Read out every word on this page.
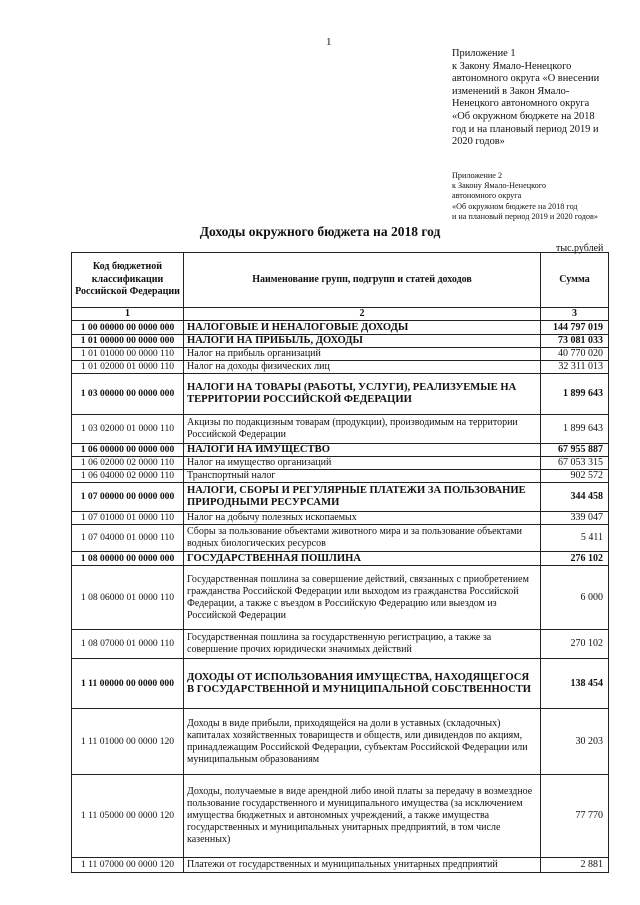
1
Приложение 1
к Закону Ямало-Ненецкого
автономного округа «О внесении
изменений в Закон Ямало-
Ненецкого автономного округа
«Об окружном бюджете на 2018
год и на плановый период 2019 и
2020 годов»
Приложение 2
к Закону Ямало-Ненецкого
автономного округа
«Об окружном бюджете на 2018 год
и на плановый период 2019 и 2020 годов»
Доходы окружного бюджета на 2018 год
тыс.рублей
Код бюджетной классификации Российской Федерации	Наименование групп, подгрупп и статей доходов	Сумма
1	2	3
1 00 00000 00 0000 000	НАЛОГОВЫЕ И НЕНАЛОГОВЫЕ ДОХОДЫ	144 797 019
1 01 00000 00 0000 000	НАЛОГИ НА ПРИБЫЛЬ, ДОХОДЫ	73 081 033
1 01 01000 00 0000 110	Налог на прибыль организаций	40 770 020
1 01 02000 01 0000 110	Налог на доходы физических лиц	32 311 013
1 03 00000 00 0000 000	НАЛОГИ НА ТОВАРЫ (РАБОТЫ, УСЛУГИ), РЕАЛИЗУЕМЫЕ НА ТЕРРИТОРИИ РОССИЙСКОЙ ФЕДЕРАЦИИ	1 899 643
1 03 02000 01 0000 110	Акцизы по подакцизным товарам (продукции), производимым на территории Российской Федерации	1 899 643
1 06 00000 00 0000 000	НАЛОГИ НА ИМУЩЕСТВО	67 955 887
1 06 02000 02 0000 110	Налог на имущество организаций	67 053 315
1 06 04000 02 0000 110	Транспортный налог	902 572
1 07 00000 00 0000 000	НАЛОГИ, СБОРЫ И РЕГУЛЯРНЫЕ ПЛАТЕЖИ ЗА ПОЛЬЗОВАНИЕ ПРИРОДНЫМИ РЕСУРСАМИ	344 458
1 07 01000 01 0000 110	Налог на добычу полезных ископаемых	339 047
1 07 04000 01 0000 110	Сборы за пользование объектами животного мира и за пользование объектами водных биологических ресурсов	5 411
1 08 00000 00 0000 000	ГОСУДАРСТВЕННАЯ ПОШЛИНА	276 102
1 08 06000 01 0000 110	Государственная пошлина за совершение действий, связанных с приобретением гражданства Российской Федерации или выходом из гражданства Российской Федерации, а также с въездом в Российскую Федерацию или выездом из Российской Федерации	6 000
1 08 07000 01 0000 110	Государственная пошлина за государственную регистрацию, а также за совершение прочих юридически значимых действий	270 102
1 11 00000 00 0000 000	ДОХОДЫ ОТ ИСПОЛЬЗОВАНИЯ ИМУЩЕСТВА, НАХОДЯЩЕГОСЯ В ГОСУДАРСТВЕННОЙ И МУНИЦИПАЛЬНОЙ СОБСТВЕННОСТИ	138 454
1 11 01000 00 0000 120	Доходы в виде прибыли, приходящейся на доли в уставных (складочных) капиталах хозяйственных товариществ и обществ, или дивидендов по акциям, принадлежащим Российской Федерации, субъектам Российской Федерации или муниципальным образованиям	30 203
1 11 05000 00 0000 120	Доходы, получаемые в виде арендной либо иной платы за передачу в возмездное пользование государственного и муниципального имущества (за исключением имущества бюджетных и автономных учреждений, а также имущества государственных и муниципальных унитарных предприятий, в том числе казенных)	77 770
1 11 07000 00 0000 120	Платежи от государственных и муниципальных унитарных предприятий	2 881
